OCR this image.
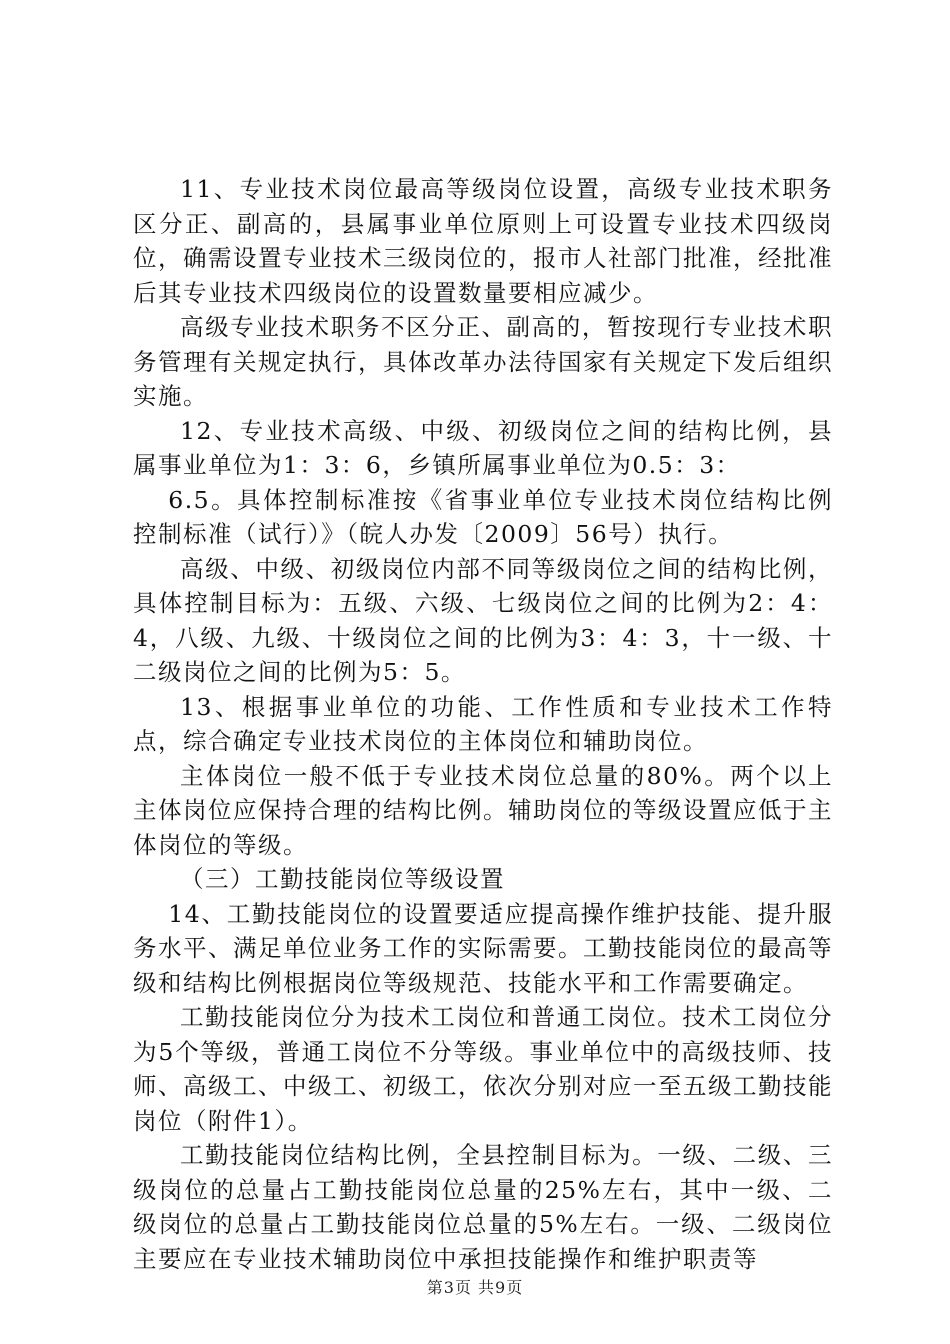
11、专业技术岗位最高等级岗位设置，高级专业技术职务区分正、副高的，县属事业单位原则上可设置专业技术四级岗位，确需设置专业技术三级岗位的，报市人社部门批准，经批准后其专业技术四级岗位的设置数量要相应减少。

高级专业技术职务不区分正、副高的，暂按现行专业技术职务管理有关规定执行，具体改革办法待国家有关规定下发后组织实施。

12、专业技术高级、中级、初级岗位之间的结构比例，县属事业单位为1：3：6，乡镇所属事业单位为0.5：3：

6.5。具体控制标准按《省事业单位专业技术岗位结构比例控制标准（试行）》（皖人办发〔2009〕56号）执行。

高级、中级、初级岗位内部不同等级岗位之间的结构比例，具体控制目标为：五级、六级、七级岗位之间的比例为2：4：4，八级、九级、十级岗位之间的比例为3：4：3，十一级、十二级岗位之间的比例为5：5。

13、根据事业单位的功能、工作性质和专业技术工作特点，综合确定专业技术岗位的主体岗位和辅助岗位。

主体岗位一般不低于专业技术岗位总量的80%。两个以上主体岗位应保持合理的结构比例。辅助岗位的等级设置应低于主体岗位的等级。

（三）工勤技能岗位等级设置

14、工勤技能岗位的设置要适应提高操作维护技能、提升服务水平、满足单位业务工作的实际需要。工勤技能岗位的最高等级和结构比例根据岗位等级规范、技能水平和工作需要确定。

工勤技能岗位分为技术工岗位和普通工岗位。技术工岗位分为5个等级，普通工岗位不分等级。事业单位中的高级技师、技师、高级工、中级工、初级工，依次分别对应一至五级工勤技能岗位（附件1）。

工勤技能岗位结构比例，全县控制目标为。一级、二级、三级岗位的总量占工勤技能岗位总量的25%左右，其中一级、二级岗位的总量占工勤技能岗位总量的5%左右。一级、二级岗位主要应在专业技术辅助岗位中承担技能操作和维护职责等

第3页 共9页
